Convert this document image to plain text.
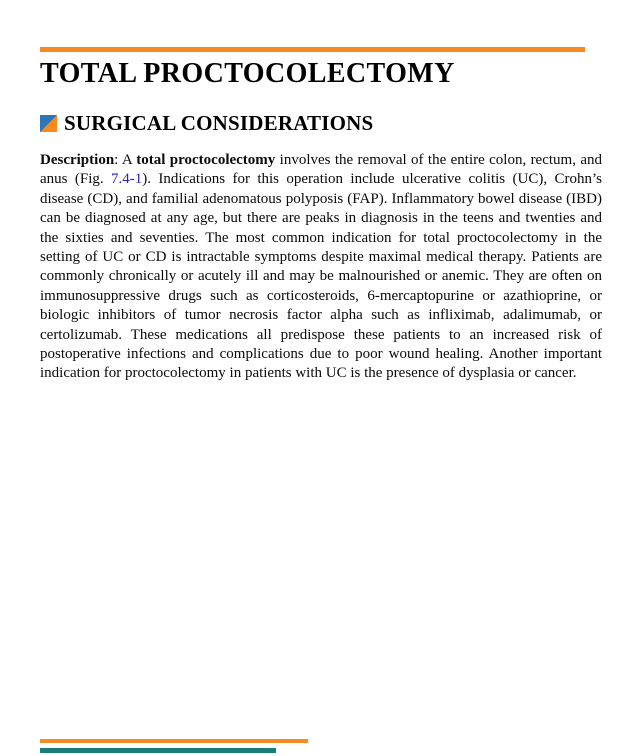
TOTAL PROCTOCOLECTOMY
SURGICAL CONSIDERATIONS

Description: A total proctocolectomy involves the removal of the entire colon, rectum, and anus (Fig. 7.4-1). Indications for this operation include ulcerative colitis (UC), Crohn’s disease (CD), and familial adenomatous polyposis (FAP). Inflammatory bowel disease (IBD) can be diagnosed at any age, but there are peaks in diagnosis in the teens and twenties and the sixties and seventies. The most common indication for total proctocolectomy in the setting of UC or CD is intractable symptoms despite maximal medical therapy. Patients are commonly chronically or acutely ill and may be malnourished or anemic. They are often on immunosuppressive drugs such as corticosteroids, 6-mercaptopurine or azathioprine, or biologic inhibitors of tumor necrosis factor alpha such as infliximab, adalimumab, or certolizumab. These medications all predispose these patients to an increased risk of postoperative infections and complications due to poor wound healing. Another important indication for proctocolectomy in patients with UC is the presence of dysplasia or cancer.
